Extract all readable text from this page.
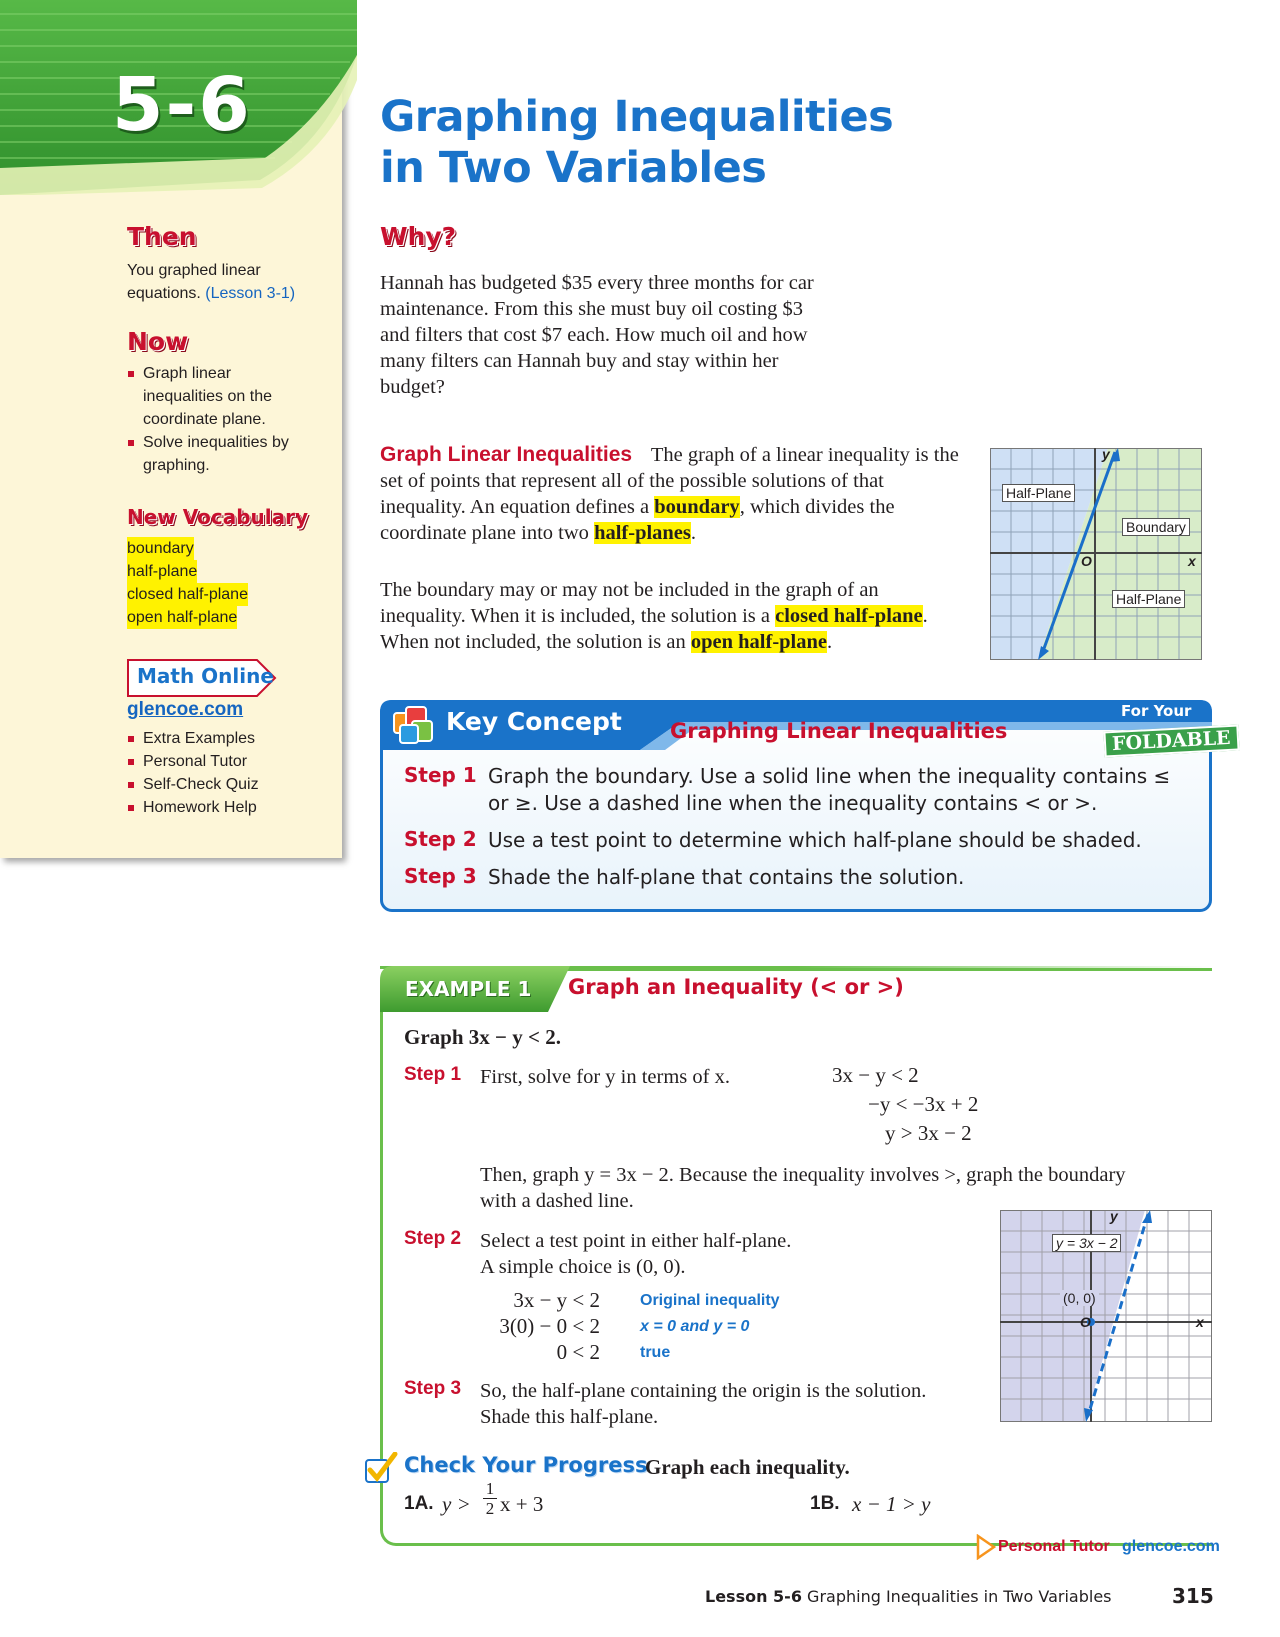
5-6
Then
You graphed linear equations. (Lesson 3-1)
Now
Graph linear inequalities on the coordinate plane.
Solve inequalities by graphing.
New Vocabulary
boundary
half-plane
closed half-plane
open half-plane
Math Online
glencoe.com
Extra Examples
Personal Tutor
Self-Check Quiz
Homework Help
Graphing Inequalities
in Two Variables
Why?
Hannah has budgeted $35 every three months for car maintenance. From this she must buy oil costing $3 and filters that cost $7 each. How much oil and how many filters can Hannah buy and stay within her budget?
Graph Linear Inequalities The graph of a linear inequality is the set of points that represent all of the possible solutions of that inequality. An equation defines a boundary, which divides the coordinate plane into two half-planes.
The boundary may or may not be included in the graph of an inequality. When it is included, the solution is a closed half-plane. When not included, the solution is an open half-plane.
Half-Plane
Boundary
Half-Plane
y
x
O
Key Concept Graphing Linear Inequalities
For Your
FOLDABLE
Step 1 Graph the boundary. Use a solid line when the inequality contains ≤ or ≥. Use a dashed line when the inequality contains < or >.
Step 2 Use a test point to determine which half-plane should be shaded.
Step 3 Shade the half-plane that contains the solution.
EXAMPLE 1 Graph an Inequality (< or >)
Graph 3x − y < 2.
Step 1 First, solve for y in terms of x.	3x − y < 2
−y < −3x + 2
y > 3x − 2
Then, graph y = 3x − 2. Because the inequality involves >, graph the boundary with a dashed line.
Step 2 Select a test point in either half-plane.
A simple choice is (0, 0).
3x − y < 2	Original inequality
3(0) − 0 < 2	x = 0 and y = 0
0 < 2	true
Step 3 So, the half-plane containing the origin is the solution. Shade this half-plane.
y = 3x − 2
(0, 0)
y
x
O
Check Your Progress
Graph each inequality.
1A. $y > \frac{1}{2}$ x + 3	1B. x − 1 > y
Personal Tutor glencoe.com
Lesson 5-6 Graphing Inequalities in Two Variables	315
